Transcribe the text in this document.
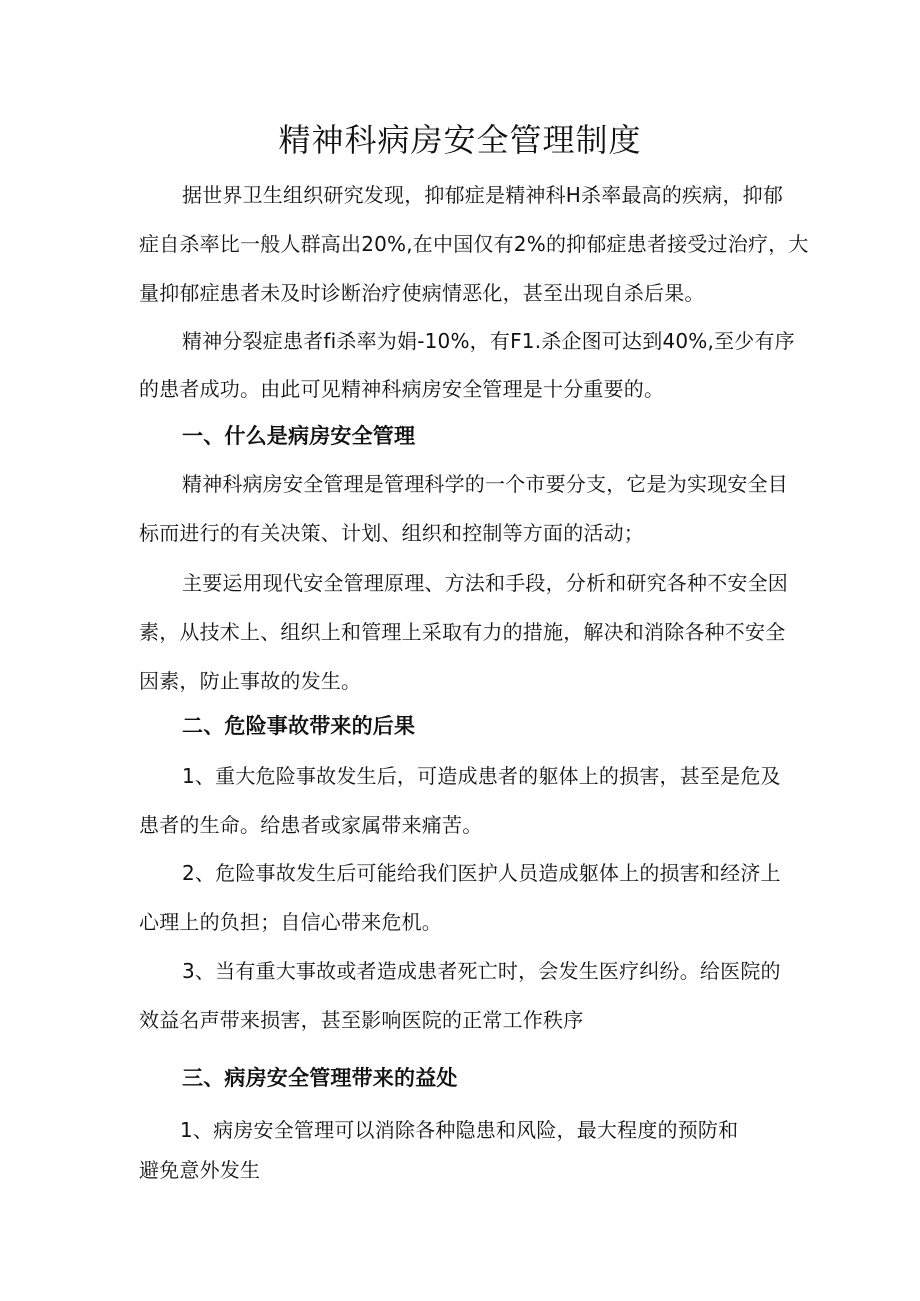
精神科病房安全管理制度
据世界卫生组织研究发现，抑郁症是精神科H杀率最高的疾病，抑郁
症自杀率比一般人群高出20%,在中国仅有2%的抑郁症患者接受过治疗，大
量抑郁症患者未及时诊断治疗使病情恶化，甚至出现自杀后果。
精神分裂症患者fi杀率为娟-10%，有F1.杀企图可达到40%,至少有序
的患者成功。由此可见精神科病房安全管理是十分重要的。
一、什么是病房安全管理
精神科病房安全管理是管理科学的一个市要分支，它是为实现安全目
标而进行的有关决策、计划、组织和控制等方面的活动；
主要运用现代安全管理原理、方法和手段，分析和研究各种不安全因
素，从技术上、组织上和管理上采取有力的措施，解决和消除各种不安全
因素，防止事故的发生。
二、危险事故带来的后果
1、重大危险事故发生后，可造成患者的躯体上的损害，甚至是危及
患者的生命。给患者或家属带来痛苦。
2、危险事故发生后可能给我们医护人员造成躯体上的损害和经济上
心理上的负担；自信心带来危机。
3、当有重大事故或者造成患者死亡时，会发生医疗纠纷。给医院的
效益名声带来损害，甚至影响医院的正常工作秩序
三、病房安全管理带来的益处
1、病房安全管理可以消除各种隐患和风险，最大程度的预防和
避免意外发生
